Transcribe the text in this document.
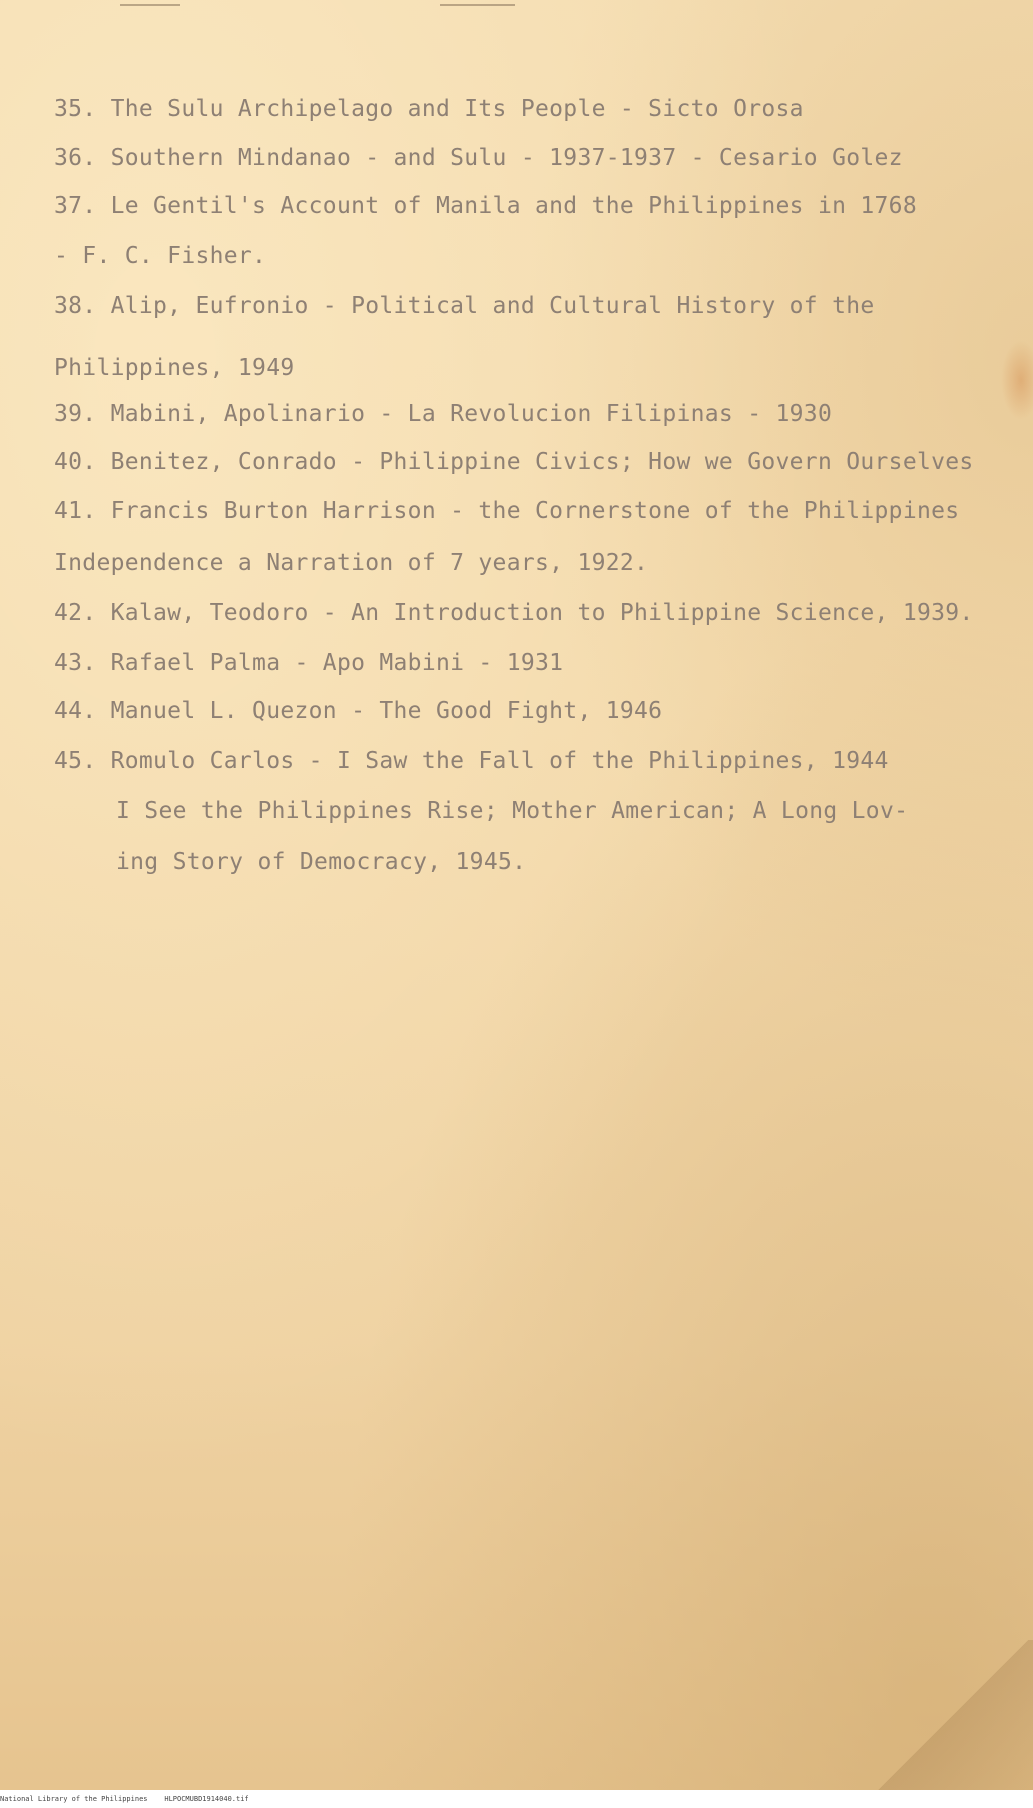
35. The Sulu Archipelago and Its People - Sicto Orosa
36. Southern Mindanao - and Sulu - 1937-1937 - Cesario Golez
37. Le Gentil's Account of Manila and the Philippines in 1768
- F. C. Fisher.
38. Alip, Eufronio - Political and Cultural History of the
Philippines, 1949
39. Mabini, Apolinario - La Revolucion Filipinas - 1930
40. Benitez, Conrado - Philippine Civics; How we Govern Ourselves
41. Francis Burton Harrison - the Cornerstone of the Philippines
Independence a Narration of 7 years, 1922.
42. Kalaw, Teodoro - An Introduction to Philippine Science, 1939.
43. Rafael Palma - Apo Mabini - 1931
44. Manuel L. Quezon - The Good Fight, 1946
45. Romulo Carlos - I Saw the Fall of the Philippines, 1944
I See the Philippines Rise; Mother American; A Long Lov-
ing Story of Democracy, 1945.
National Library of the Philippines    HLPOCMUBD1914040.tif
